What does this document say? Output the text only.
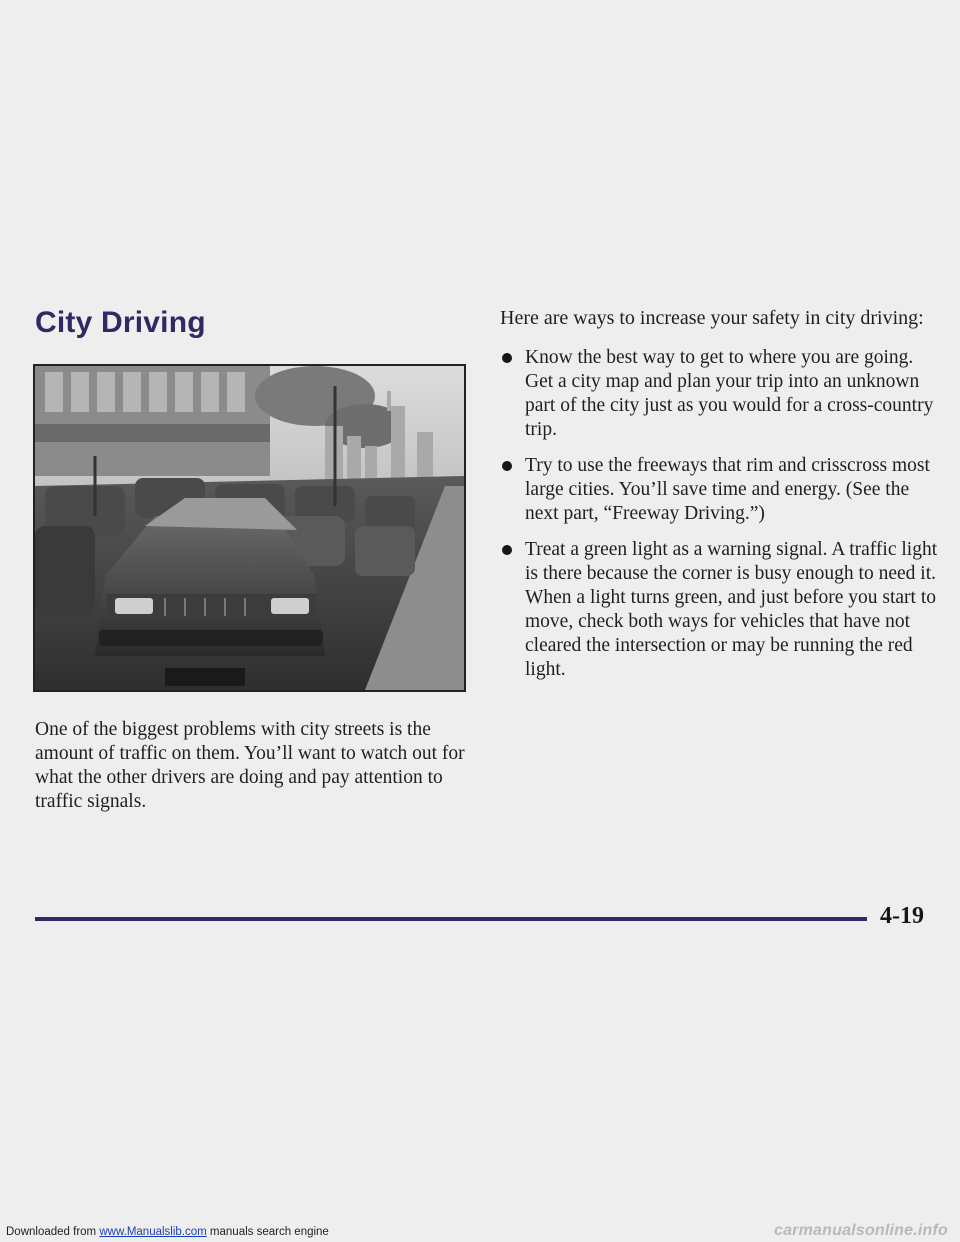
City Driving
One of the biggest problems with city streets is the amount of traffic on them. You’ll want to watch out for what the other drivers are doing and pay attention to traffic signals.
Here are ways to increase your safety in city driving:
Know the best way to get to where you are going. Get a city map and plan your trip into an unknown part of the city just as you would for a cross-country trip.
Try to use the freeways that rim and crisscross most large cities. You’ll save time and energy. (See the next part, “Freeway Driving.”)
Treat a green light as a warning signal. A traffic light is there because the corner is busy enough to need it. When a light turns green, and just before you start to move, check both ways for vehicles that have not cleared the intersection or may be running the red light.
4-19
Downloaded from www.Manualslib.com manuals search engine	carmanualsonline.info
